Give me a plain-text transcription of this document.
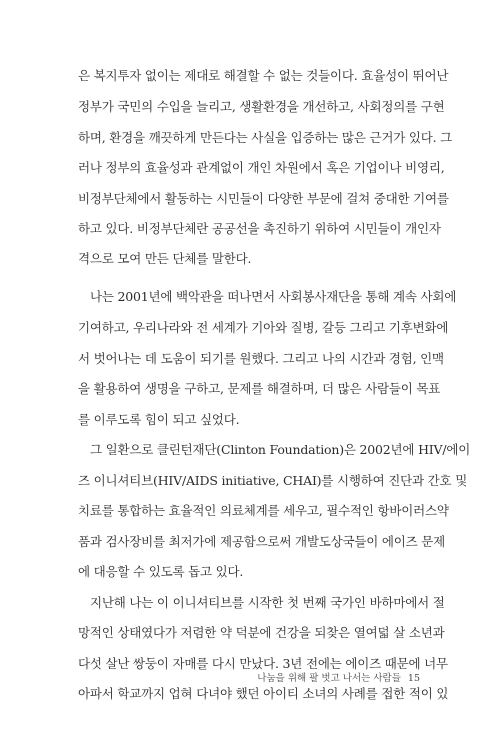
은 복지투자 없이는 제대로 해결할 수 없는 것들이다. 효율성이 뛰어난
정부가 국민의 수입을 늘리고, 생활환경을 개선하고, 사회정의를 구현
하며, 환경을 깨끗하게 만든다는 사실을 입증하는 많은 근거가 있다. 그
러나 정부의 효율성과 관계없이 개인 차원에서 혹은 기업이나 비영리,
비정부단체에서 활동하는 시민들이 다양한 부문에 걸쳐 중대한 기여를
하고 있다. 비정부단체란 공공선을 촉진하기 위하여 시민들이 개인자
격으로 모여 만든 단체를 말한다.
나는 2001년에 백악관을 떠나면서 사회봉사재단을 통해 계속 사회에
기여하고, 우리나라와 전 세계가 기아와 질병, 갈등 그리고 기후변화에
서 벗어나는 데 도움이 되기를 원했다. 그리고 나의 시간과 경험, 인맥
을 활용하여 생명을 구하고, 문제를 해결하며, 더 많은 사람들이 목표
를 이루도록 힘이 되고 싶었다.
그 일환으로 클린턴재단(Clinton Foundation)은 2002년에 HIV/에이
즈 이니셔티브(HIV/AIDS initiative, CHAI)를 시행하여 진단과 간호 및
치료를 통합하는 효율적인 의료체계를 세우고, 필수적인 항바이러스약
품과 검사장비를 최저가에 제공함으로써 개발도상국들이 에이즈 문제
에 대응할 수 있도록 돕고 있다.
지난해 나는 이 이니셔티브를 시작한 첫 번째 국가인 바하마에서 절
망적인 상태였다가 저렴한 약 덕분에 건강을 되찾은 열여덟 살 소년과
다섯 살난 쌍둥이 자매를 다시 만났다. 3년 전에는 에이즈 때문에 너무
아파서 학교까지 업혀 다녀야 했던 아이티 소녀의 사례를 접한 적이 있
나눔을 위해 팔 벗고 나서는 사람들 15
